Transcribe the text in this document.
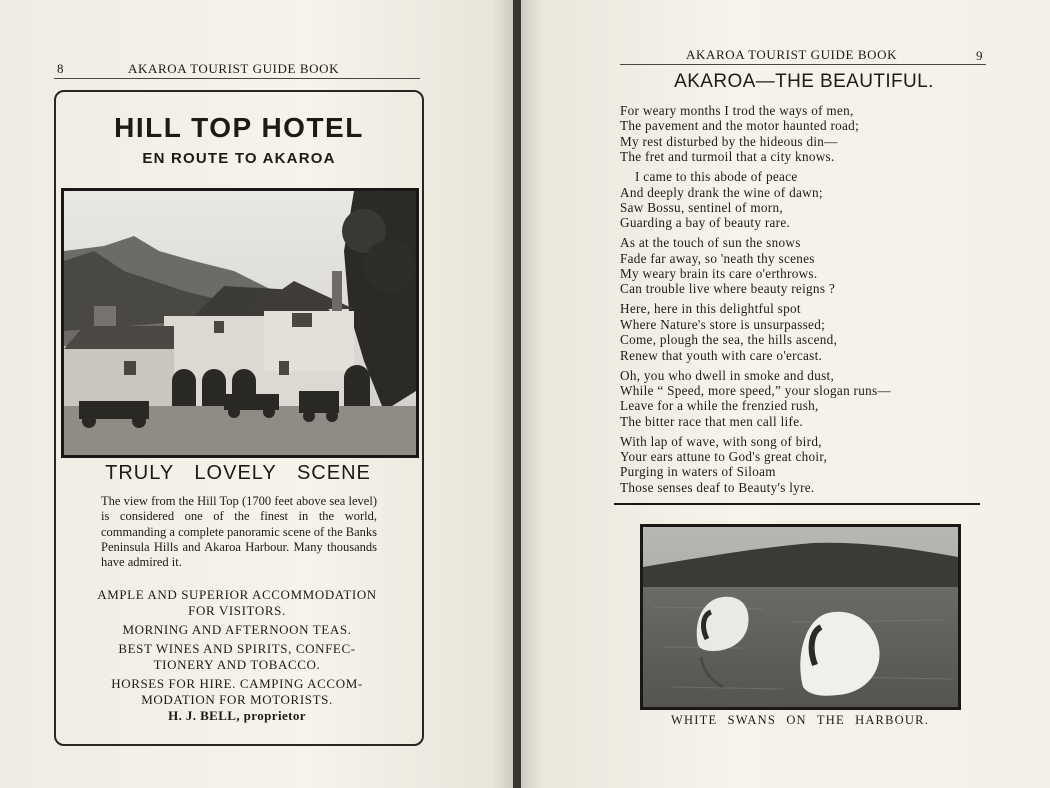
8	AKAROA TOURIST GUIDE BOOK
HILL TOP HOTEL
EN ROUTE TO AKAROA
TRULY LOVELY SCENE
The view from the Hill Top (1700 feet above sea level) is considered one of the finest in the world, commanding a complete panoramic scene of the Banks Peninsula Hills and Akaroa Harbour. Many thousands have admired it.
AMPLE AND SUPERIOR ACCOMMODATION
FOR VISITORS.
MORNING AND AFTERNOON TEAS.
BEST WINES AND SPIRITS, CONFEC-
TIONERY AND TOBACCO.
HORSES FOR HIRE. CAMPING ACCOM-
MODATION FOR MOTORISTS.
H. J. BELL, proprietor
AKAROA TOURIST GUIDE BOOK	9
AKAROA—THE BEAUTIFUL.
For weary months I trod the ways of men,
The pavement and the motor haunted road;
My rest disturbed by the hideous din—
The fret and turmoil that a city knows.
I came to this abode of peace
And deeply drank the wine of dawn;
Saw Bossu, sentinel of morn,
Guarding a bay of beauty rare.
As at the touch of sun the snows
Fade far away, so 'neath thy scenes
My weary brain its care o'erthrows.
Can trouble live where beauty reigns ?
Here, here in this delightful spot
Where Nature's store is unsurpassed;
Come, plough the sea, the hills ascend,
Renew that youth with care o'ercast.
Oh, you who dwell in smoke and dust,
While “ Speed, more speed,” your slogan runs—
Leave for a while the frenzied rush,
The bitter race that men call life.
With lap of wave, with song of bird,
Your ears attune to God's great choir,
Purging in waters of Siloam
Those senses deaf to Beauty's lyre.
WHITE SWANS ON THE HARBOUR.
